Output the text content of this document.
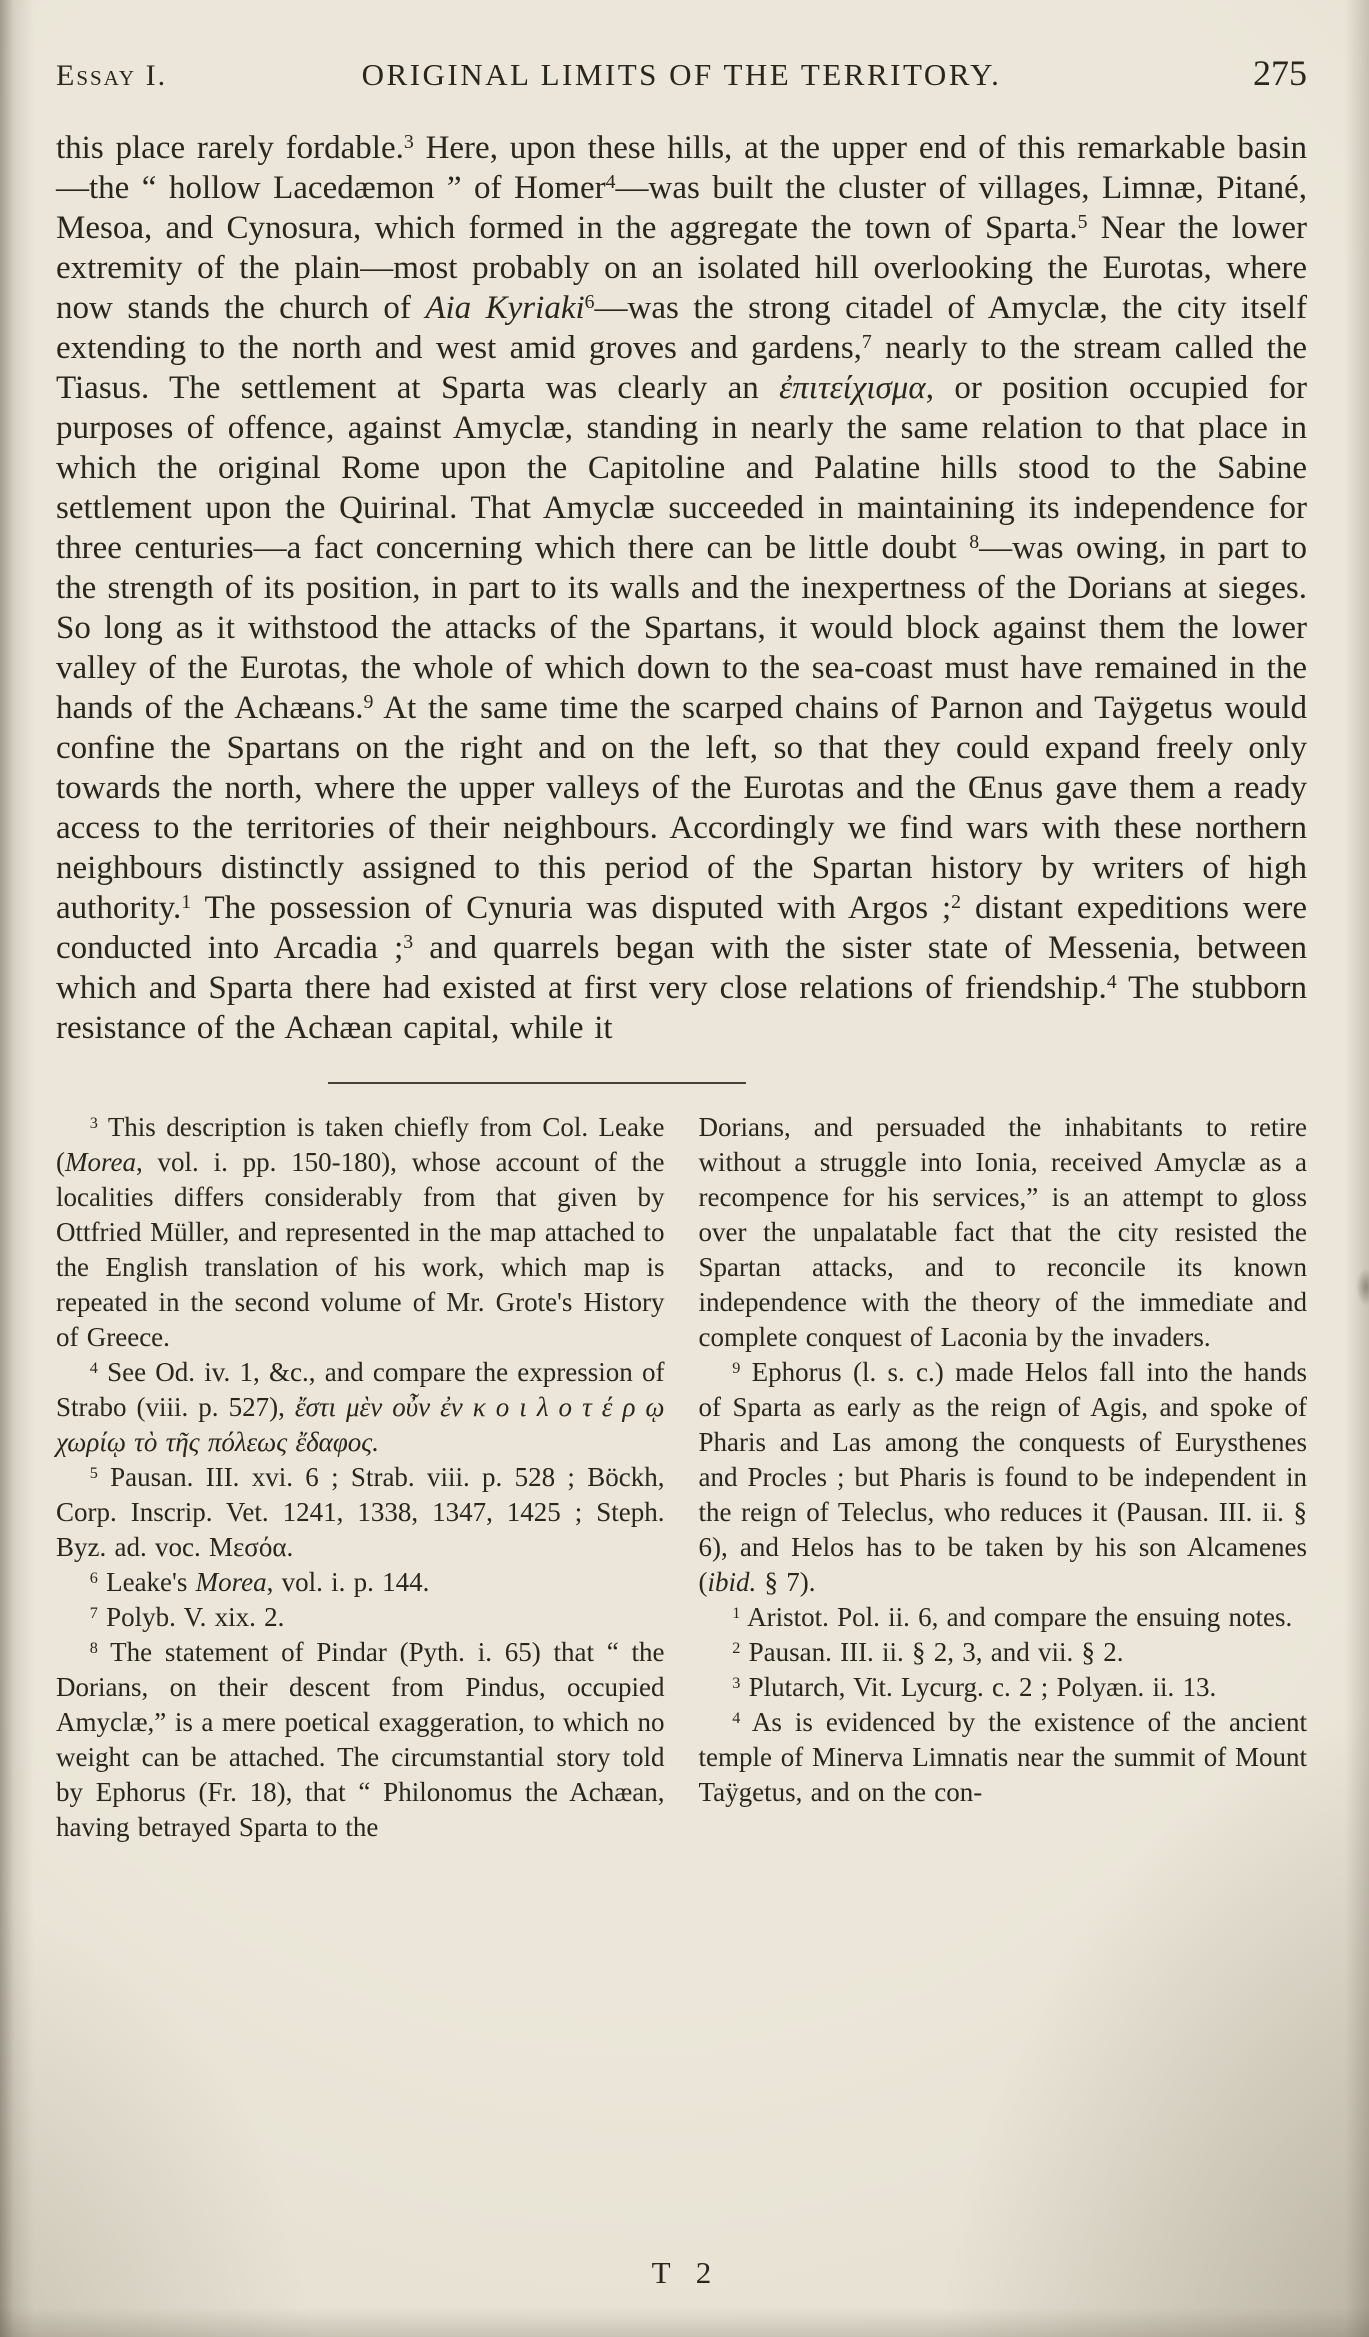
Essay I.	ORIGINAL LIMITS OF THE TERRITORY.	275

this place rarely fordable.$^3$ Here, upon these hills, at the upper end of this remarkable basin—the “ hollow Lacedæmon ” of Homer$^4$—was built the cluster of villages, Limnæ, Pitané, Mesoa, and Cynosura, which formed in the aggregate the town of Sparta.$^5$ Near the lower extremity of the plain—most probably on an isolated hill overlooking the Eurotas, where now stands the church of Aia Kyriaki$^6$—was the strong citadel of Amyclæ, the city itself extending to the north and west amid groves and gardens,$^7$ nearly to the stream called the Tiasus. The settlement at Sparta was clearly an ἐπιτείχισμα, or position occupied for purposes of offence, against Amyclæ, standing in nearly the same relation to that place in which the original Rome upon the Capitoline and Palatine hills stood to the Sabine settlement upon the Quirinal. That Amyclæ succeeded in maintaining its independence for three centuries—a fact concerning which there can be little doubt $^8$—was owing, in part to the strength of its position, in part to its walls and the inexpertness of the Dorians at sieges. So long as it withstood the attacks of the Spartans, it would block against them the lower valley of the Eurotas, the whole of which down to the sea-coast must have remained in the hands of the Achæans.$^9$ At the same time the scarped chains of Parnon and Taÿgetus would confine the Spartans on the right and on the left, so that they could expand freely only towards the north, where the upper valleys of the Eurotas and the Œnus gave them a ready access to the territories of their neighbours. Accordingly we find wars with these northern neighbours distinctly assigned to this period of the Spartan history by writers of high authority.$^1$ The possession of Cynuria was disputed with Argos ;$^2$ distant expeditions were conducted into Arcadia ;$^3$ and quarrels began with the sister state of Messenia, between which and Sparta there had existed at first very close relations of friendship.$^4$ The stubborn resistance of the Achæan capital, while it

$^3$ This description is taken chiefly from Col. Leake (Morea, vol. i. pp. 150-180), whose account of the localities differs considerably from that given by Ottfried Müller, and represented in the map attached to the English translation of his work, which map is repeated in the second volume of Mr. Grote's History of Greece.

$^4$ See Od. iv. 1, &c., and compare the expression of Strabo (viii. p. 527), ἔστι μὲν οὖν ἐν κ ο ι λ ο τ έ ρ ῳ χωρίῳ τὸ τῆς πόλεως ἔδαφος.

$^5$ Pausan. III. xvi. 6 ; Strab. viii. p. 528 ; Böckh, Corp. Inscrip. Vet. 1241, 1338, 1347, 1425 ; Steph. Byz. ad. voc. Μεσόα.

$^6$ Leake's Morea, vol. i. p. 144.

$^7$ Polyb. V. xix. 2.

$^8$ The statement of Pindar (Pyth. i. 65) that “ the Dorians, on their descent from Pindus, occupied Amyclæ,” is a mere poetical exaggeration, to which no weight can be attached. The circumstantial story told by Ephorus (Fr. 18), that “ Philonomus the Achæan, having betrayed Sparta to the

Dorians, and persuaded the inhabitants to retire without a struggle into Ionia, received Amyclæ as a recompence for his services,” is an attempt to gloss over the unpalatable fact that the city resisted the Spartan attacks, and to reconcile its known independence with the theory of the immediate and complete conquest of Laconia by the invaders.

$^9$ Ephorus (l. s. c.) made Helos fall into the hands of Sparta as early as the reign of Agis, and spoke of Pharis and Las among the conquests of Eurysthenes and Procles ; but Pharis is found to be independent in the reign of Teleclus, who reduces it (Pausan. III. ii. § 6), and Helos has to be taken by his son Alcamenes (ibid. § 7).

$^1$ Aristot. Pol. ii. 6, and compare the ensuing notes.

$^2$ Pausan. III. ii. § 2, 3, and vii. § 2.

$^3$ Plutarch, Vit. Lycurg. c. 2 ; Polyæn. ii. 13.

$^4$ As is evidenced by the existence of the ancient temple of Minerva Limnatis near the summit of Mount Taÿgetus, and on the con-

T 2
